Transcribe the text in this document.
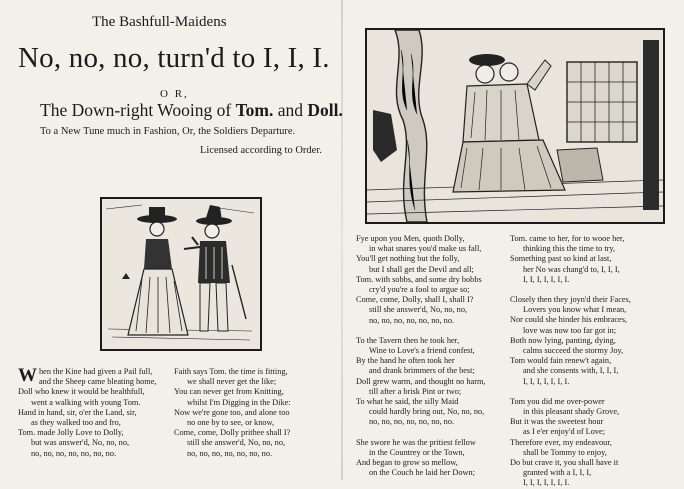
The Bashfull-Maidens
No, no, no, turn'd to I, I, I.
O R,
The Down-right Wooing of Tom. and Doll.
To a New Tune much in Fashion, Or, the Soldiers Departure.
Licensed according to Order.
W hen the Kine had given a Pail full,
and the Sheep came bleating home,
Doll who knew it would be healthfull,
went a walking with young Tom.
Hand in hand, sir, o'er the Land, sir,
as they walked too and fro,
Tom. made Jolly Love to Dolly,
but was answer'd, No, no, no,
no, no, no, no, no, no, no.
Faith says Tom. the time is fitting,
we shall never get the like;
You can never get from Knitting,
whilst I'm Digging in the Dike:
Now we're gone too, and alone too
no one by to see, or know,
Come, come, Dolly prithee shall I?
still she answer'd, No, no, no,
no, no, no, no, no, no, no.
Fye upon you Men, quoth Dolly,
in what snares you'd make us fall,
You'll get nothing but the folly,
but I shall get the Devil and all;
Tom. with sobbs, and some dry bobbs
cry'd you're a fool to argue so;
Come, come, Dolly, shall I, shall I?
still she answer'd, No, no, no,
no, no, no, no, no, no, no.
To the Tavern then he took her,
Wine to Love's a friend confest,
By the hand he often took her
and drank brimmers of the best;
Doll grew warm, and thought no harm,
till after a brisk Pint or two;
To what he said, the silly Maid
could hardly bring out, No, no, no,
no, no, no, no, no, no, no.
She swore he was the pritiest fellow
in the Countrey or the Town,
And began to grow so mellow,
on the Couch he laid her Down;
Tom. came to her, for to wooe her,
thinking this the time to try,
Something past so kind at last,
her No was chang'd to, I, I, I,
I, I, I, I, I, I, I.
Closely then they joyn'd their Faces,
Lovers you know what I mean,
Nor could she hinder his embraces,
love was now too far got in;
Both now lying, panting, dying,
calms succeed the stormy Joy,
Tom would fain renew't again,
and she consents with, I, I, I,
I, I, I, I, I, I, I.
Tom you did me over-power
in this pleasant shady Grove,
But it was the sweetest hour
as I e'er enjoy'd of Love;
Therefore ever, my endeavour,
shall be Tommy to enjoy,
Do but crave it, you shall have it
granted with a I, I, I,
I, I, I, I, I, I, I.
